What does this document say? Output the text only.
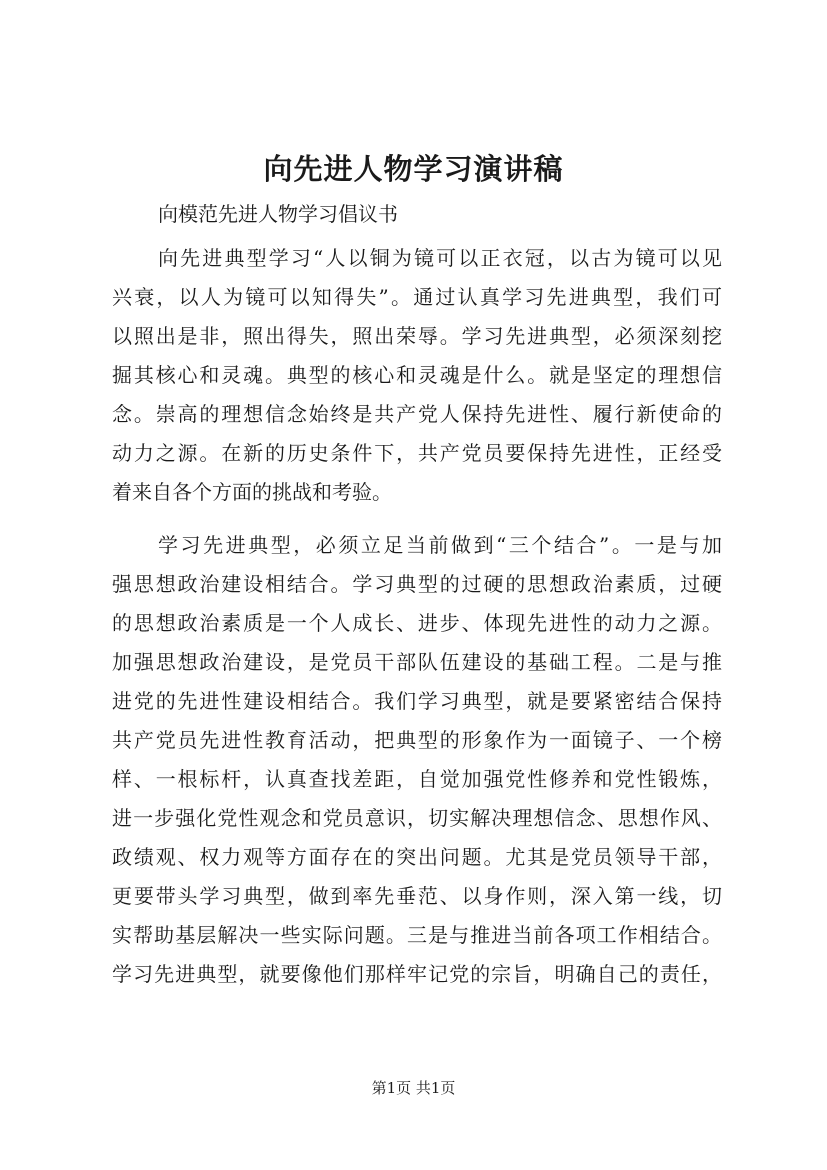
向先进人物学习演讲稿
向模范先进人物学习倡议书
向先进典型学习“人以铜为镜可以正衣冠，以古为镜可以见
兴衰，以人为镜可以知得失”。通过认真学习先进典型，我们可
以照出是非，照出得失，照出荣辱。学习先进典型，必须深刻挖
掘其核心和灵魂。典型的核心和灵魂是什么。就是坚定的理想信
念。崇高的理想信念始终是共产党人保持先进性、履行新使命的
动力之源。在新的历史条件下，共产党员要保持先进性，正经受
着来自各个方面的挑战和考验。
学习先进典型，必须立足当前做到“三个结合”。一是与加
强思想政治建设相结合。学习典型的过硬的思想政治素质，过硬
的思想政治素质是一个人成长、进步、体现先进性的动力之源。
加强思想政治建设，是党员干部队伍建设的基础工程。二是与推
进党的先进性建设相结合。我们学习典型，就是要紧密结合保持
共产党员先进性教育活动，把典型的形象作为一面镜子、一个榜
样、一根标杆，认真查找差距，自觉加强党性修养和党性锻炼，
进一步强化党性观念和党员意识，切实解决理想信念、思想作风、
政绩观、权力观等方面存在的突出问题。尤其是党员领导干部，
更要带头学习典型，做到率先垂范、以身作则，深入第一线，切
实帮助基层解决一些实际问题。三是与推进当前各项工作相结合。
学习先进典型，就要像他们那样牢记党的宗旨，明确自己的责任，
第1页 共1页
